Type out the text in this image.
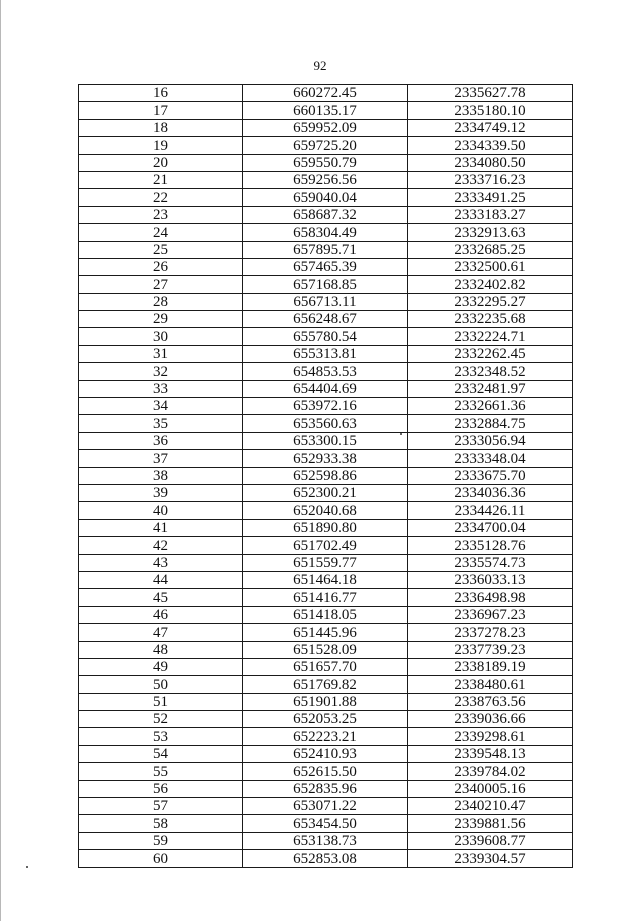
92
16	660272.45	2335627.78
17	660135.17	2335180.10
18	659952.09	2334749.12
19	659725.20	2334339.50
20	659550.79	2334080.50
21	659256.56	2333716.23
22	659040.04	2333491.25
23	658687.32	2333183.27
24	658304.49	2332913.63
25	657895.71	2332685.25
26	657465.39	2332500.61
27	657168.85	2332402.82
28	656713.11	2332295.27
29	656248.67	2332235.68
30	655780.54	2332224.71
31	655313.81	2332262.45
32	654853.53	2332348.52
33	654404.69	2332481.97
34	653972.16	2332661.36
35	653560.63	2332884.75
36	653300.15	2333056.94
37	652933.38	2333348.04
38	652598.86	2333675.70
39	652300.21	2334036.36
40	652040.68	2334426.11
41	651890.80	2334700.04
42	651702.49	2335128.76
43	651559.77	2335574.73
44	651464.18	2336033.13
45	651416.77	2336498.98
46	651418.05	2336967.23
47	651445.96	2337278.23
48	651528.09	2337739.23
49	651657.70	2338189.19
50	651769.82	2338480.61
51	651901.88	2338763.56
52	652053.25	2339036.66
53	652223.21	2339298.61
54	652410.93	2339548.13
55	652615.50	2339784.02
56	652835.96	2340005.16
57	653071.22	2340210.47
58	653454.50	2339881.56
59	653138.73	2339608.77
60	652853.08	2339304.57
